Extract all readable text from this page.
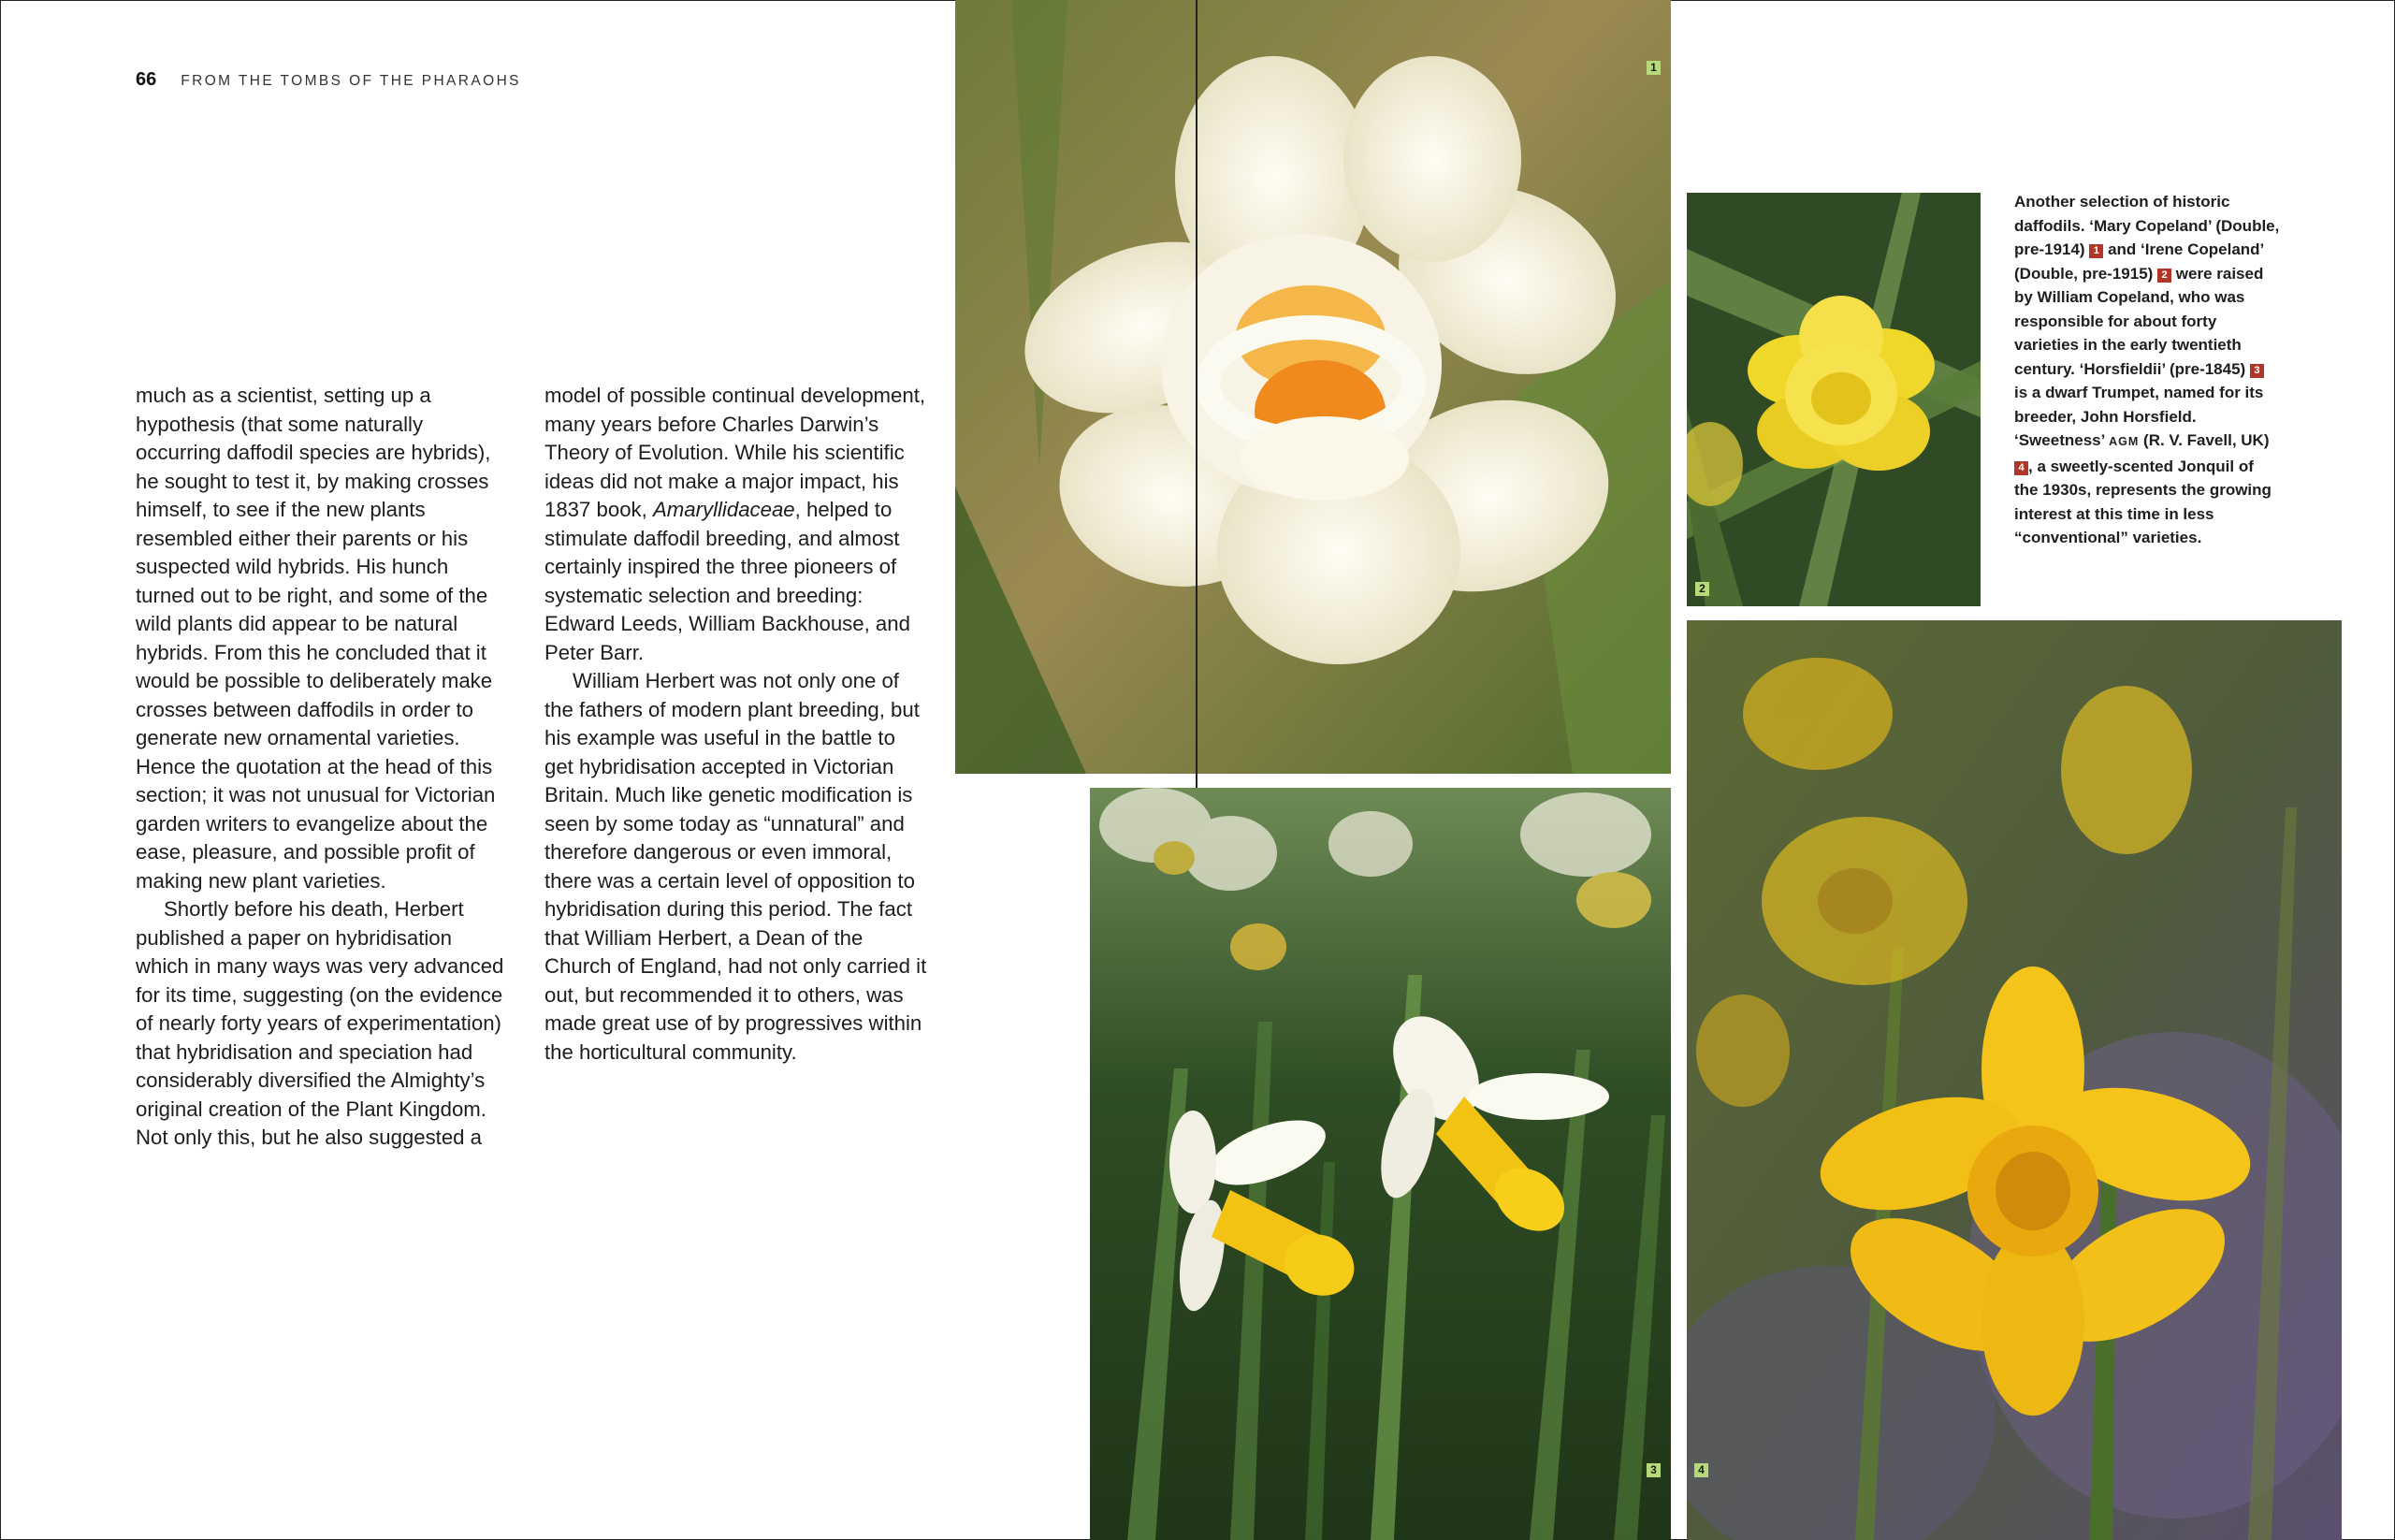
66 FROM THE TOMBS OF THE PHARAOHS

much as a scientist, setting up a hypothesis (that some naturally occurring daffodil species are hybrids), he sought to test it, by making crosses himself, to see if the new plants resembled either their parents or his suspected wild hybrids. His hunch turned out to be right, and some of the wild plants did appear to be natural hybrids. From this he concluded that it would be possible to deliberately make crosses between daffodils in order to generate new ornamental varieties. Hence the quotation at the head of this section; it was not unusual for Victorian garden writers to evangelize about the ease, pleasure, and possible profit of making new plant varieties.

Shortly before his death, Herbert published a paper on hybridisation which in many ways was very advanced for its time, suggesting (on the evidence of nearly forty years of experimentation) that hybridisation and speciation had considerably diversified the Almighty’s original creation of the Plant Kingdom. Not only this, but he also suggested a

model of possible continual development, many years before Charles Darwin’s Theory of Evolution. While his scientific ideas did not make a major impact, his 1837 book, Amaryllidaceae, helped to stimulate daffodil breeding, and almost certainly inspired the three pioneers of systematic selection and breeding: Edward Leeds, William Backhouse, and Peter Barr.

William Herbert was not only one of the fathers of modern plant breeding, but his example was useful in the battle to get hybridisation accepted in Victorian Britain. Much like genetic modification is seen by some today as “unnatural” and therefore dangerous or even immoral, there was a certain level of opposition to hybridisation during this period. The fact that William Herbert, a Dean of the Church of England, had not only carried it out, but recommended it to others, was made great use of by progressives within the horticultural community.

1
2
3	4

Another selection of historic daffodils. ‘Mary Copeland’ (Double, pre-1914) 1 and ‘Irene Copeland’ (Double, pre-1915) 2 were raised by William Copeland, who was responsible for about forty varieties in the early twentieth century. ‘Horsfieldii’ (pre-1845) 3 is a dwarf Trumpet, named for its breeder, John Horsfield. ‘Sweetness’ AGM (R. V. Favell, UK) 4 , a sweetly-scented Jonquil of the 1930s, represents the growing interest at this time in less “conventional” varieties.
